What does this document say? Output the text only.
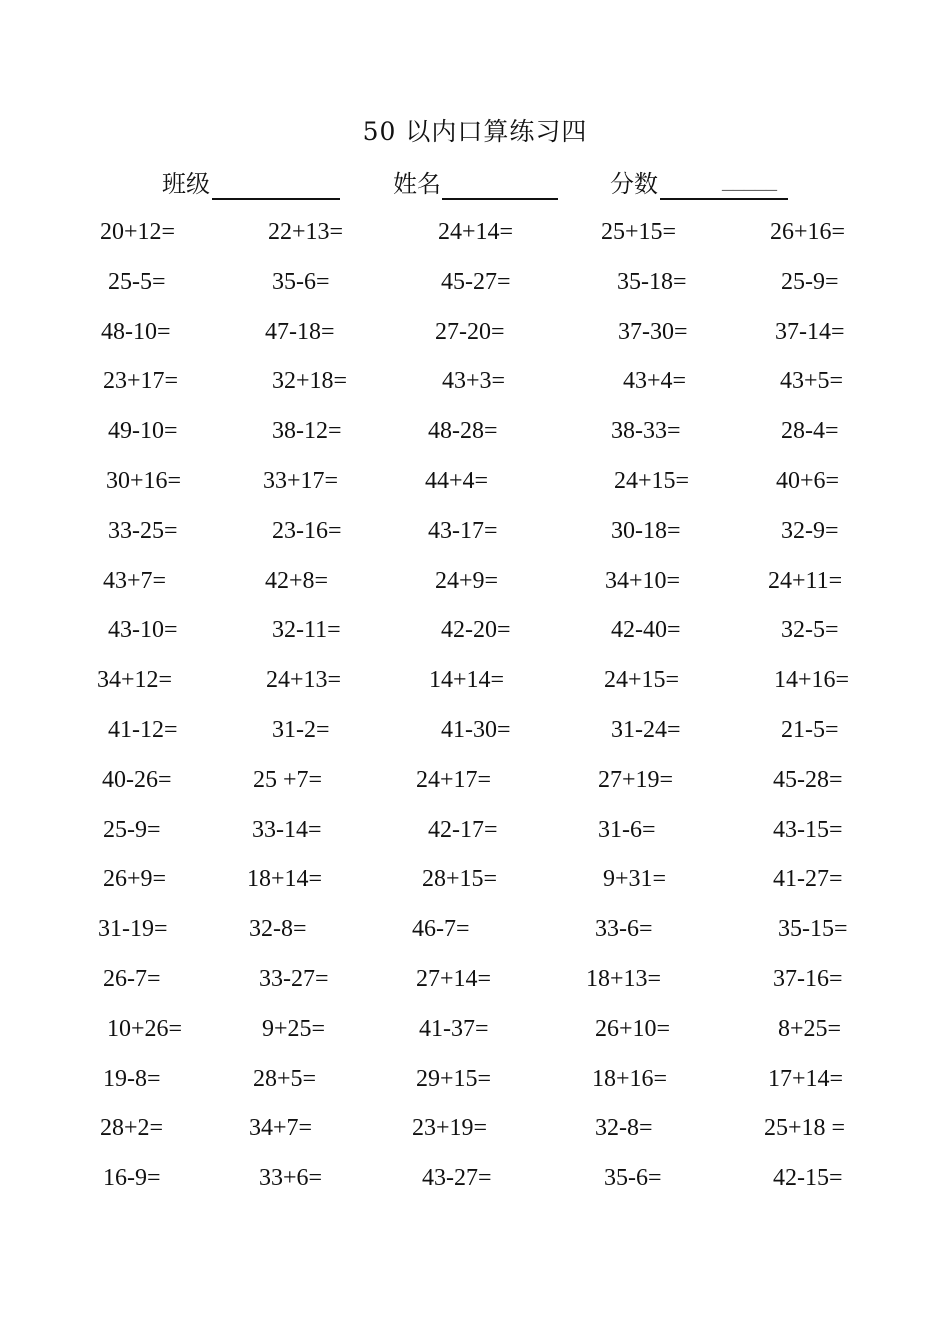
50 以内口算练习四
班级	姓名	分数	_____
20+12=	22+13=	24+14=	25+15=	26+16=
25-5=	35-6=	45-27=	35-18=	25-9=
48-10=	47-18=	27-20=	37-30=	37-14=
23+17=	32+18=	43+3=	43+4=	43+5=
49-10=	38-12=	48-28=	38-33=	28-4=
30+16=	33+17=	44+4=	24+15=	40+6=
33-25=	23-16=	43-17=	30-18=	32-9=
43+7=	42+8=	24+9=	34+10=	24+11=
43-10=	32-11=	42-20=	42-40=	32-5=
34+12=	24+13=	14+14=	24+15=	14+16=
41-12=	31-2=	41-30=	31-24=	21-5=
40-26=	25 +7=	24+17=	27+19=	45-28=
25-9=	33-14=	42-17=	31-6=	43-15=
26+9=	18+14=	28+15=	9+31=	41-27=
31-19=	32-8=	46-7=	33-6=	35-15=
26-7=	33-27=	27+14=	18+13=	37-16=
10+26=	9+25=	41-37=	26+10=	8+25=
19-8=	28+5=	29+15=	18+16=	17+14=
28+2=	34+7=	23+19=	32-8=	25+18 =
16-9=	33+6=	43-27=	35-6=	42-15=
